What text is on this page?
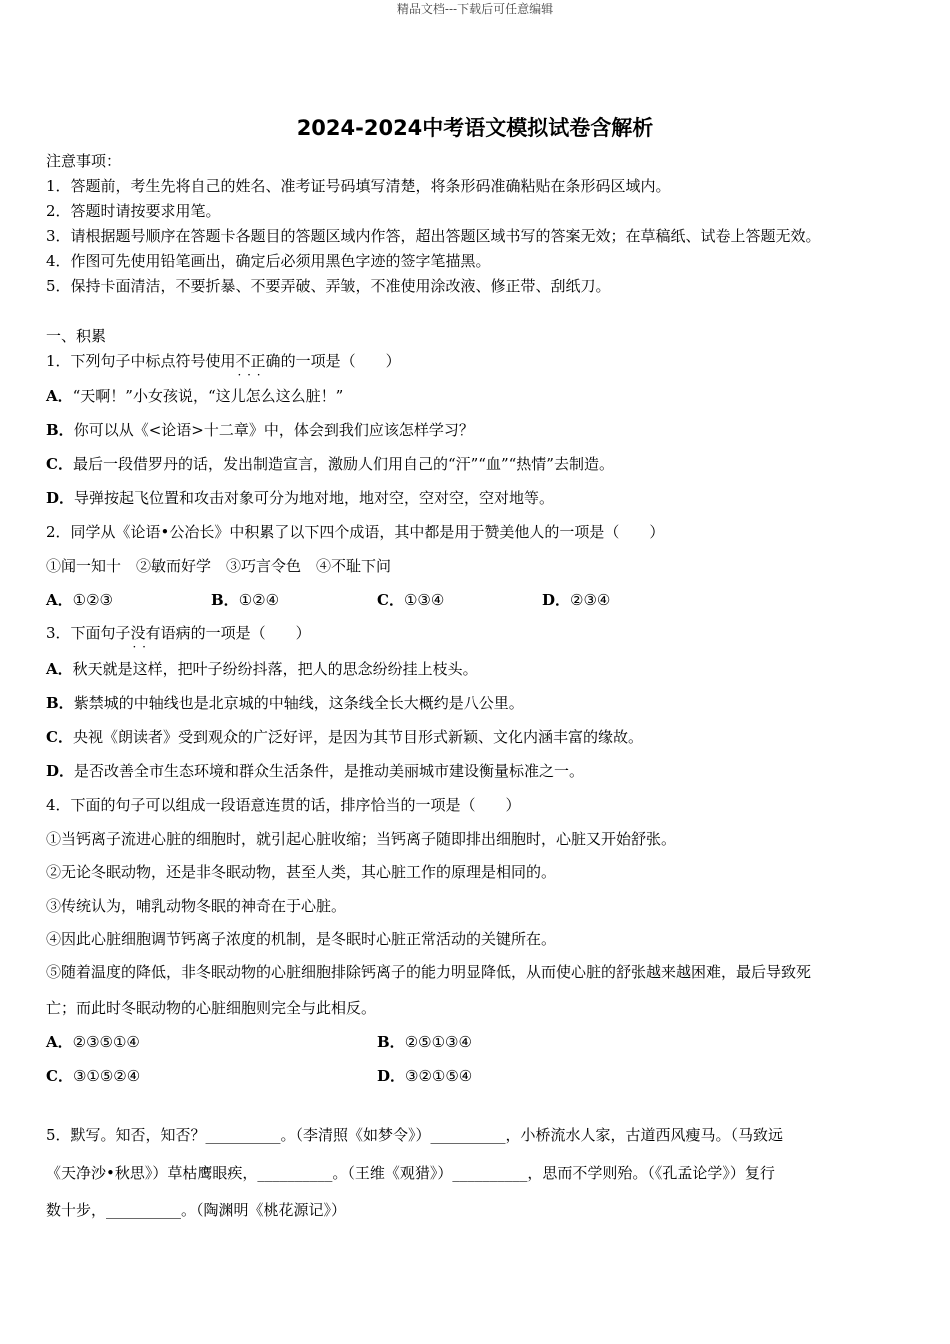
精品文档---下载后可任意编辑
2024-2024中考语文模拟试卷含解析
注意事项：
1．答题前，考生先将自己的姓名、准考证号码填写清楚，将条形码准确粘贴在条形码区域内。
2．答题时请按要求用笔。
3．请根据题号顺序在答题卡各题目的答题区域内作答，超出答题区域书写的答案无效；在草稿纸、试卷上答题无效。
4．作图可先使用铅笔画出，确定后必须用黑色字迹的签字笔描黑。
5．保持卡面清洁，不要折暴、不要弄破、弄皱，不准使用涂改液、修正带、刮纸刀。
一、积累
1．下列句子中标点符号使用不正确 · · ·的一项是（　　）
A．“天啊！”小女孩说，“这儿怎么这么脏！”
B．你可以从《<论语>十二章》中，体会到我们应该怎样学习？
C．最后一段借罗丹的话，发出制造宣言，激励人们用自己的“汗”“血”“热情”去制造。
D．导弹按起飞位置和攻击对象可分为地对地，地对空，空对空，空对地等。
2．同学从《论语•公冶长》中积累了以下四个成语，其中都是用于赞美他人的一项是（　　）
①闻一知十　②敏而好学　③巧言令色　④不耻下问
A．①②③	B．①②④	C．①③④	D．②③④
3．下面句子没有 · ·语病的一项是（　　）
A．秋天就是这样，把叶子纷纷抖落，把人的思念纷纷挂上枝头。
B．紫禁城的中轴线也是北京城的中轴线，这条线全长大概约是八公里。
C．央视《朗读者》受到观众的广泛好评，是因为其节目形式新颖、文化内涵丰富的缘故。
D．是否改善全市生态环境和群众生活条件，是推动美丽城市建设衡量标准之一。
4．下面的句子可以组成一段语意连贯的话，排序恰当的一项是（　　）
①当钙离子流进心脏的细胞时，就引起心脏收缩；当钙离子随即排出细胞时，心脏又开始舒张。
②无论冬眠动物，还是非冬眠动物，甚至人类，其心脏工作的原理是相同的。
③传统认为，哺乳动物冬眠的神奇在于心脏。
④因此心脏细胞调节钙离子浓度的机制，是冬眠时心脏正常活动的关键所在。
⑤随着温度的降低，非冬眠动物的心脏细胞排除钙离子的能力明显降低，从而使心脏的舒张越来越困难，最后导致死
亡；而此时冬眠动物的心脏细胞则完全与此相反。
A．②③⑤①④	B．②⑤①③④
C．③①⑤②④	D．③②①⑤④
5．默写。知否，知否？__________。（李清照《如梦令》）__________，小桥流水人家，古道西风瘦马。（马致远
《天净沙•秋思》）草枯鹰眼疾，__________。（王维《观猎》）__________，思而不学则殆。（《孔孟论学》）复行
数十步，__________。（陶渊明《桃花源记》）
